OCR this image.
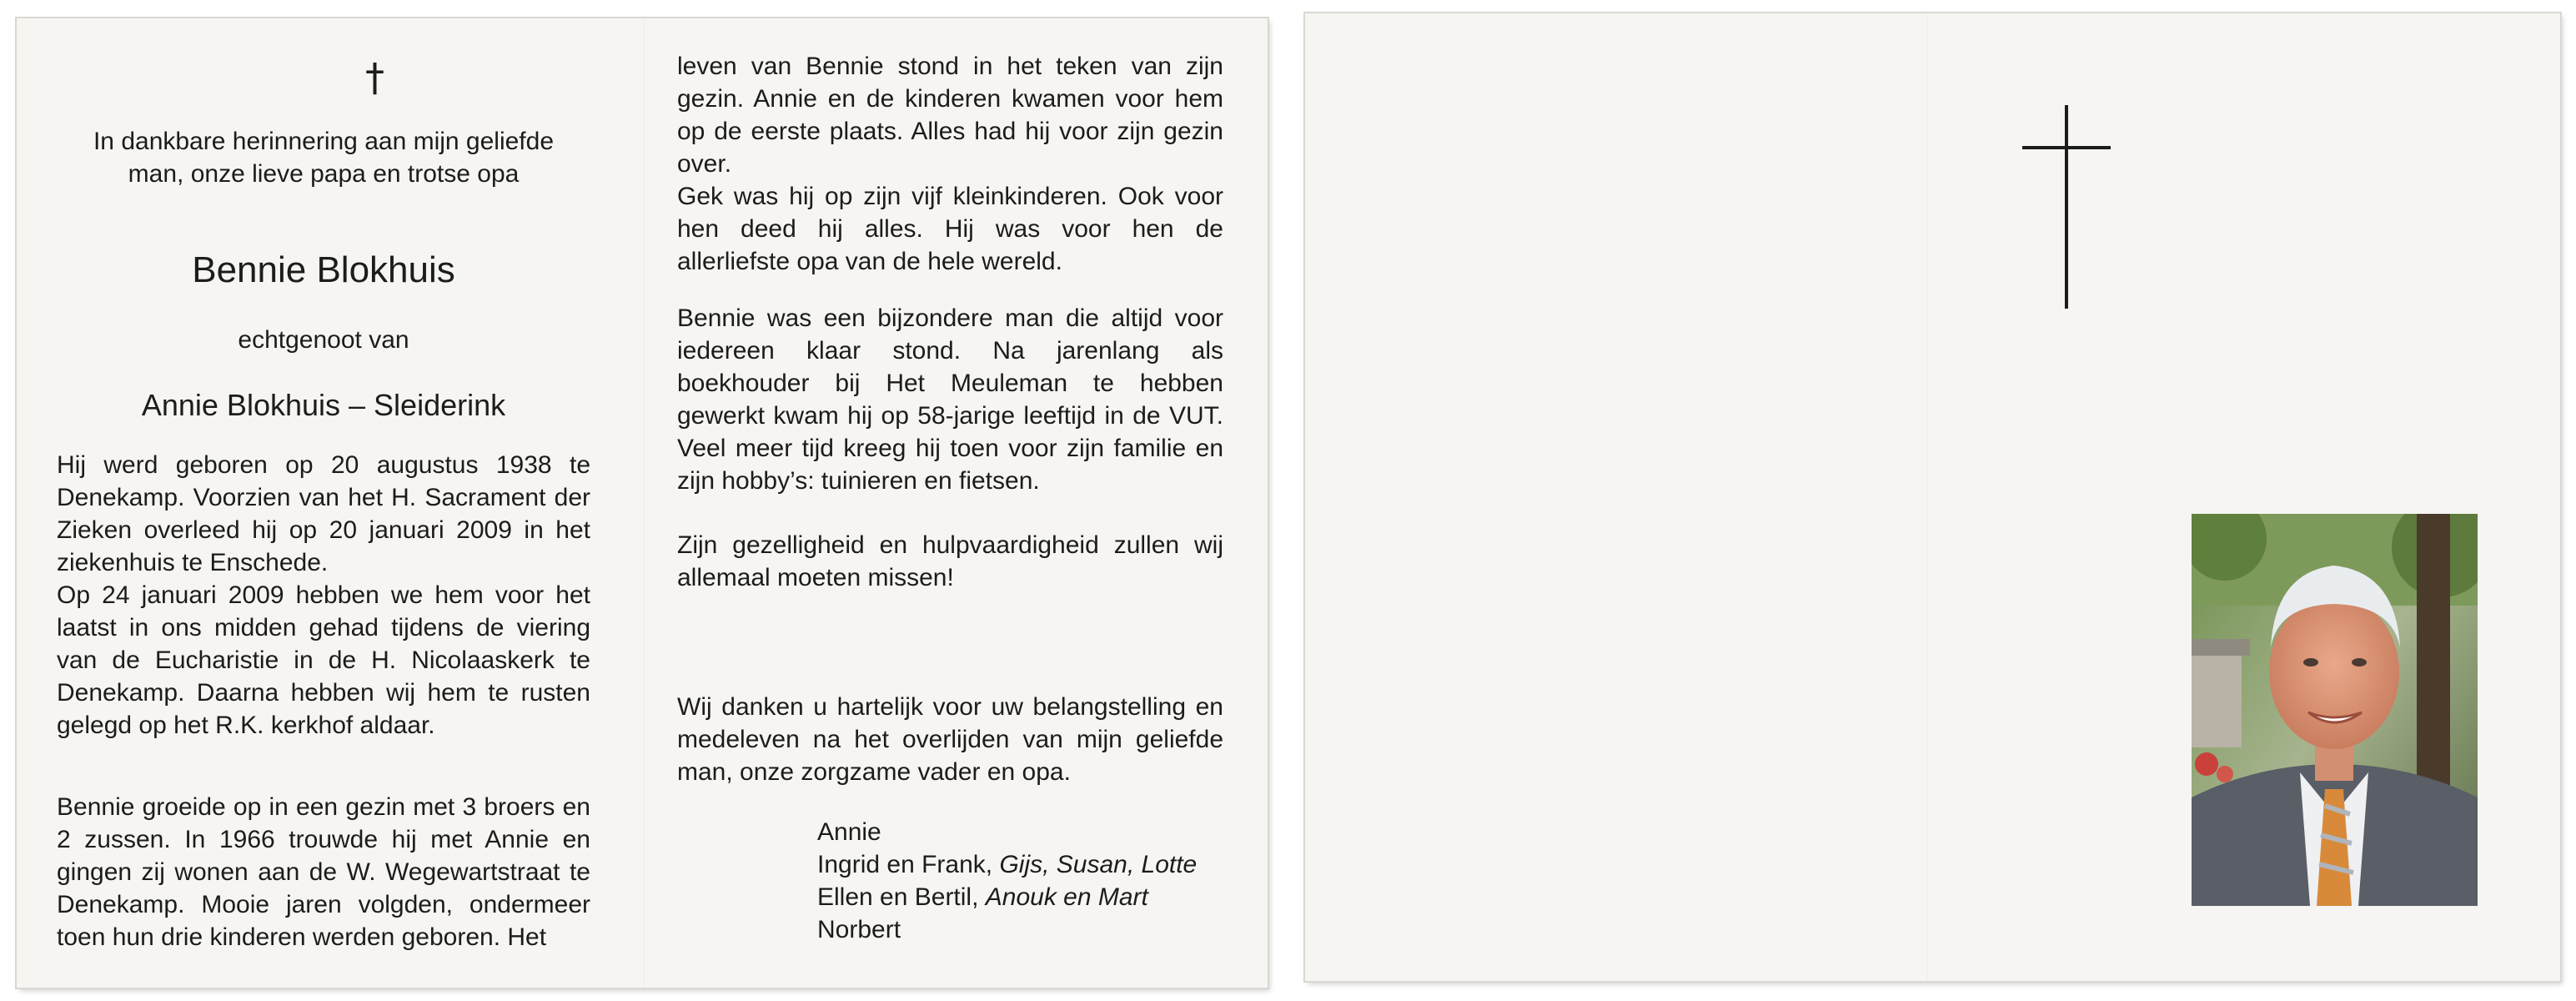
†
In dankbare herinnering aan mijn geliefde
man, onze lieve papa en trotse opa
Bennie Blokhuis
echtgenoot van
Annie Blokhuis – Sleiderink

Hij werd geboren op 20 augustus 1938 te Denekamp. Voorzien van het H. Sacrament der Zieken overleed hij op 20 januari 2009 in het ziekenhuis te Enschede.

Op 24 januari 2009 hebben we hem voor het laatst in ons midden gehad tijdens de viering van de Eucharistie in de H. Nicolaaskerk te Denekamp. Daarna hebben wij hem te rusten gelegd op het R.K. kerkhof aldaar.

Bennie groeide op in een gezin met 3 broers en 2 zussen. In 1966 trouwde hij met Annie en gingen zij wonen aan de W. Wegewartstraat te Denekamp. Mooie jaren volgden, ondermeer toen hun drie kinderen werden geboren. Het

leven van Bennie stond in het teken van zijn gezin. Annie en de kinderen kwamen voor hem op de eerste plaats. Alles had hij voor zijn gezin over.

Gek was hij op zijn vijf kleinkinderen. Ook voor hen deed hij alles. Hij was voor hen de allerliefste opa van de hele wereld.

Bennie was een bijzondere man die altijd voor iedereen klaar stond. Na jarenlang als boekhouder bij Het Meuleman te hebben gewerkt kwam hij op 58-jarige leeftijd in de VUT. Veel meer tijd kreeg hij toen voor zijn familie en zijn hobby’s: tuinieren en fietsen.

Zijn gezelligheid en hulpvaardigheid zullen wij allemaal moeten missen!

Wij danken u hartelijk voor uw belangstelling en medeleven na het overlijden van mijn geliefde man, onze zorgzame vader en opa.

Annie
Ingrid en Frank, Gijs, Susan, Lotte
Ellen en Bertil, Anouk en Mart
Norbert
